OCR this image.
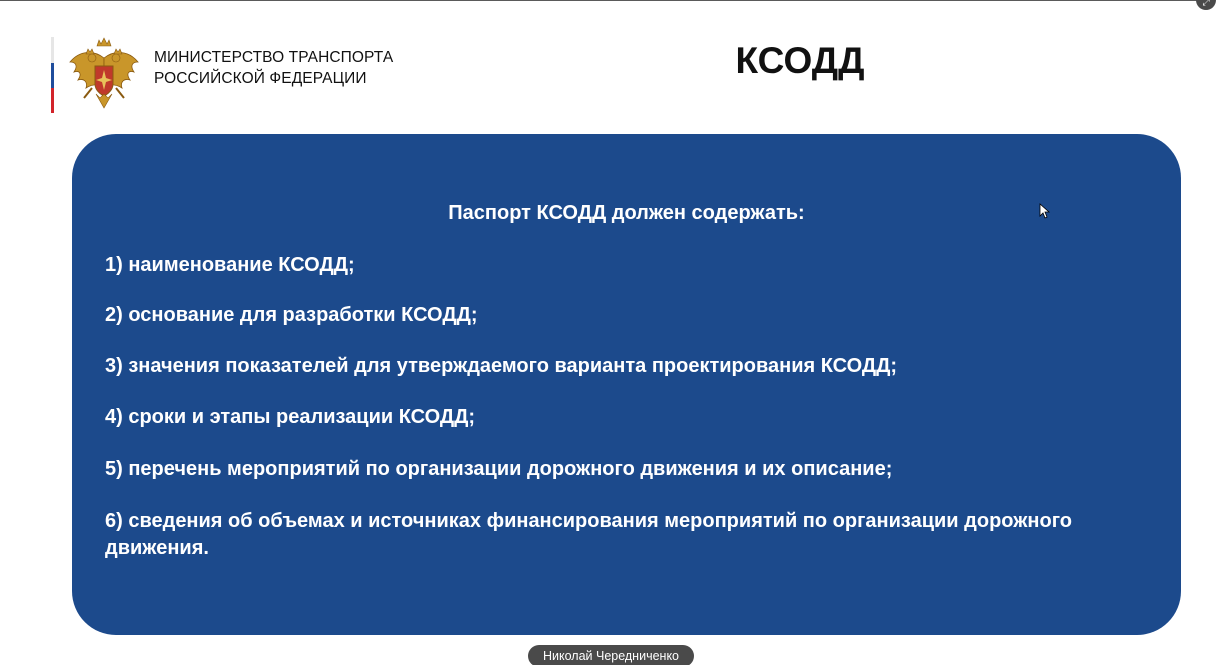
⤢
МИНИСТЕРСТВО ТРАНСПОРТА
РОССИЙСКОЙ ФЕДЕРАЦИИ	КСОДД
Паспорт КСОДД должен содержать:
1) наименование КСОДД;
2) основание для разработки КСОДД;
3) значения показателей для утверждаемого варианта проектирования КСОДД;
4) сроки и этапы реализации КСОДД;
5) перечень мероприятий по организации дорожного движения и их описание;
6) сведения об объемах и источниках финансирования мероприятий по организации дорожного движения.
Николай Чередниченко
